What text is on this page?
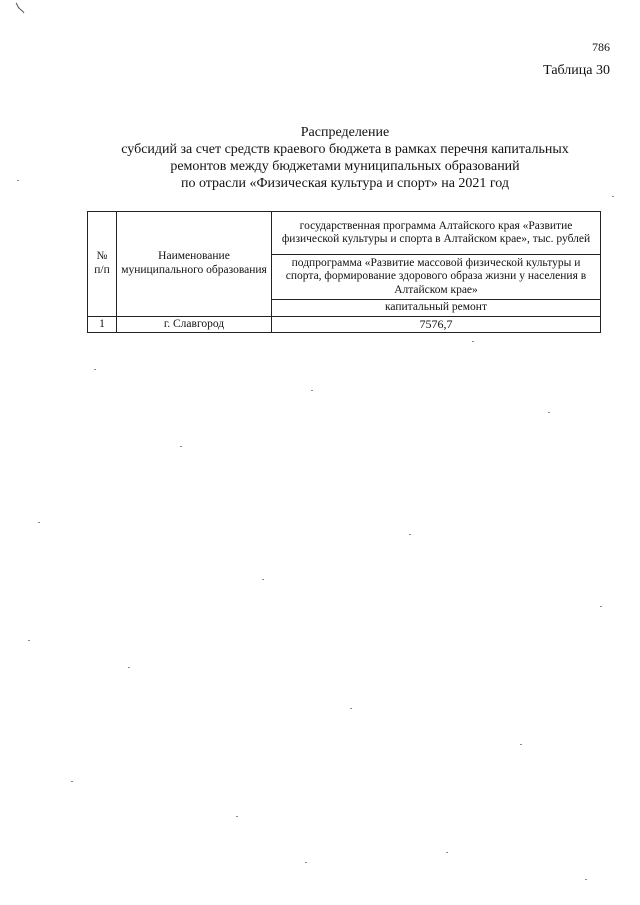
786
Таблица 30
Распределение
субсидий за счет средств краевого бюджета в рамках перечня капитальных
ремонтов между бюджетами муниципальных образований
по отрасли «Физическая культура и спорт» на 2021 год
№ п/п	Наименование муниципального образования	государственная программа Алтайского края «Развитие физической культуры и спорта в Алтайском крае», тыс. рублей
		подпрограмма «Развитие массовой физической культуры и спорта, формирование здорового образа жизни у населения в Алтайском крае»
		капитальный ремонт
1	г. Славгород	7576,7
